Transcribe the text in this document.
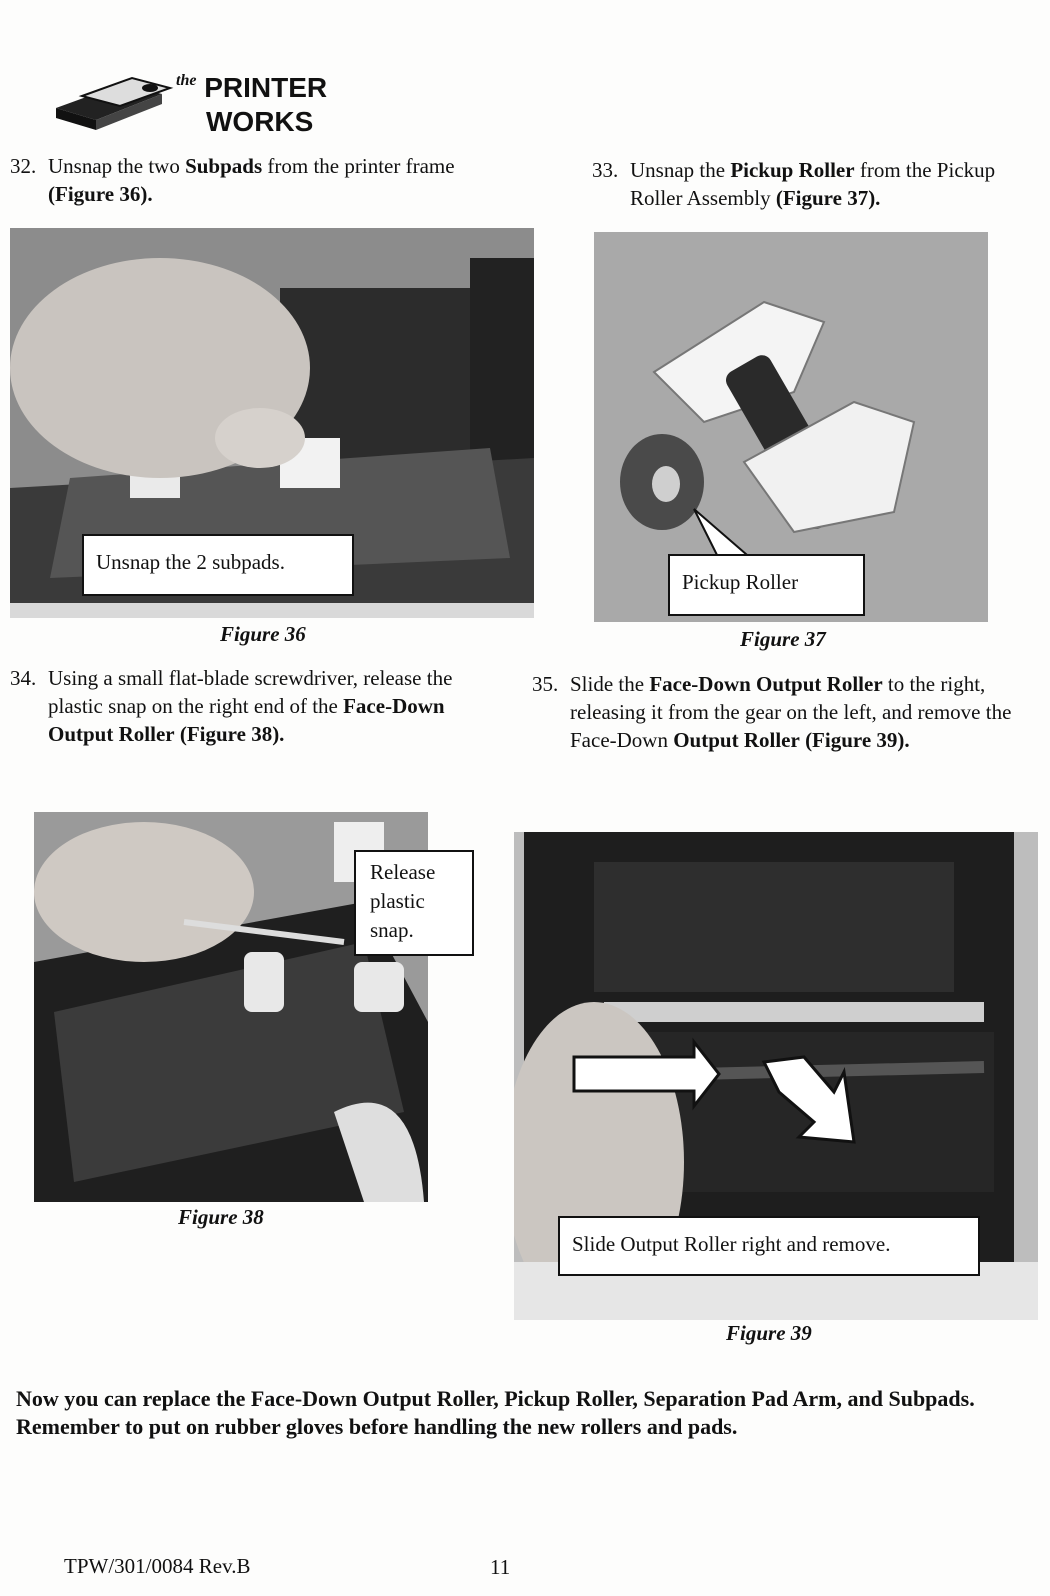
$^{the}$ PRINTER
WORKS
32. Unsnap the two Subpads from the printer frame (Figure 36).
33. Unsnap the Pickup Roller from the Pickup Roller Assembly (Figure 37).
Unsnap the 2 subpads.
Figure 36
Pickup Roller
Figure 37
34. Using a small flat-blade screwdriver, release the plastic snap on the right end of the Face-Down Output Roller (Figure 38).
35. Slide the Face-Down Output Roller to the right, releasing it from the gear on the left, and remove the Face-Down Output Roller (Figure 39).
Release
plastic
snap.
Figure 38
Slide Output Roller right and remove.
Figure 39
Now you can replace the Face-Down Output Roller, Pickup Roller, Separation Pad Arm, and Subpads. Remember to put on rubber gloves before handling the new rollers and pads.
TPW/301/0084 Rev.B	11
